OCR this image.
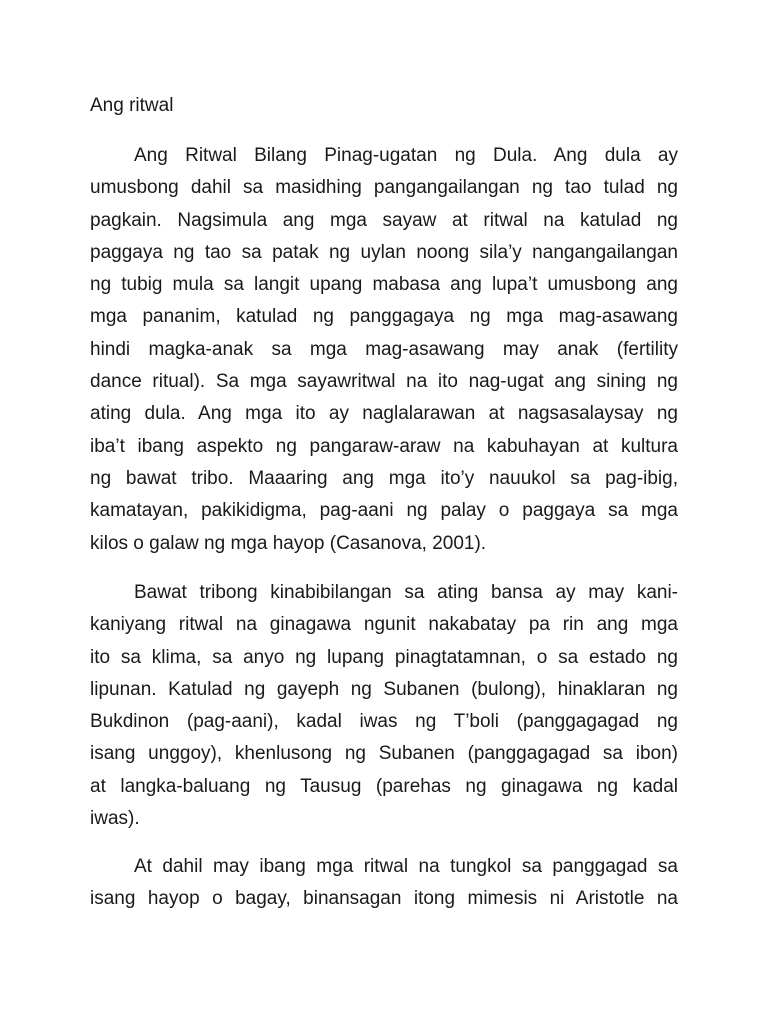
Ang ritwal
Ang Ritwal Bilang Pinag-ugatan ng Dula. Ang dula ay
umusbong dahil sa masidhing pangangailangan ng tao tulad ng
pagkain. Nagsimula ang mga sayaw at ritwal na katulad ng
paggaya ng tao sa patak ng uylan noong sila’y nangangailangan
ng tubig mula sa langit upang mabasa ang lupa’t umusbong ang
mga pananim, katulad ng panggagaya ng mga mag-asawang
hindi magka-anak sa mga mag-asawang may anak (fertility
dance ritual). Sa mga sayawritwal na ito nag-ugat ang sining ng
ating dula. Ang mga ito ay naglalarawan at nagsasalaysay ng
iba’t ibang aspekto ng pangaraw-araw na kabuhayan at kultura
ng bawat tribo. Maaaring ang mga ito’y nauukol sa pag-ibig,
kamatayan, pakikidigma, pag-aani ng palay o paggaya sa mga
kilos o galaw ng mga hayop (Casanova, 2001).
Bawat tribong kinabibilangan sa ating bansa ay may kani-
kaniyang ritwal na ginagawa ngunit nakabatay pa rin ang mga
ito sa klima, sa anyo ng lupang pinagtatamnan, o sa estado ng
lipunan. Katulad ng gayeph ng Subanen (bulong), hinaklaran ng
Bukdinon (pag-aani), kadal iwas ng T’boli (panggagagad ng
isang unggoy), khenlusong ng Subanen (panggagagad sa ibon)
at langka-baluang ng Tausug (parehas ng ginagawa ng kadal
iwas).
At dahil may ibang mga ritwal na tungkol sa panggagad sa
isang hayop o bagay, binansagan itong mimesis ni Aristotle na
